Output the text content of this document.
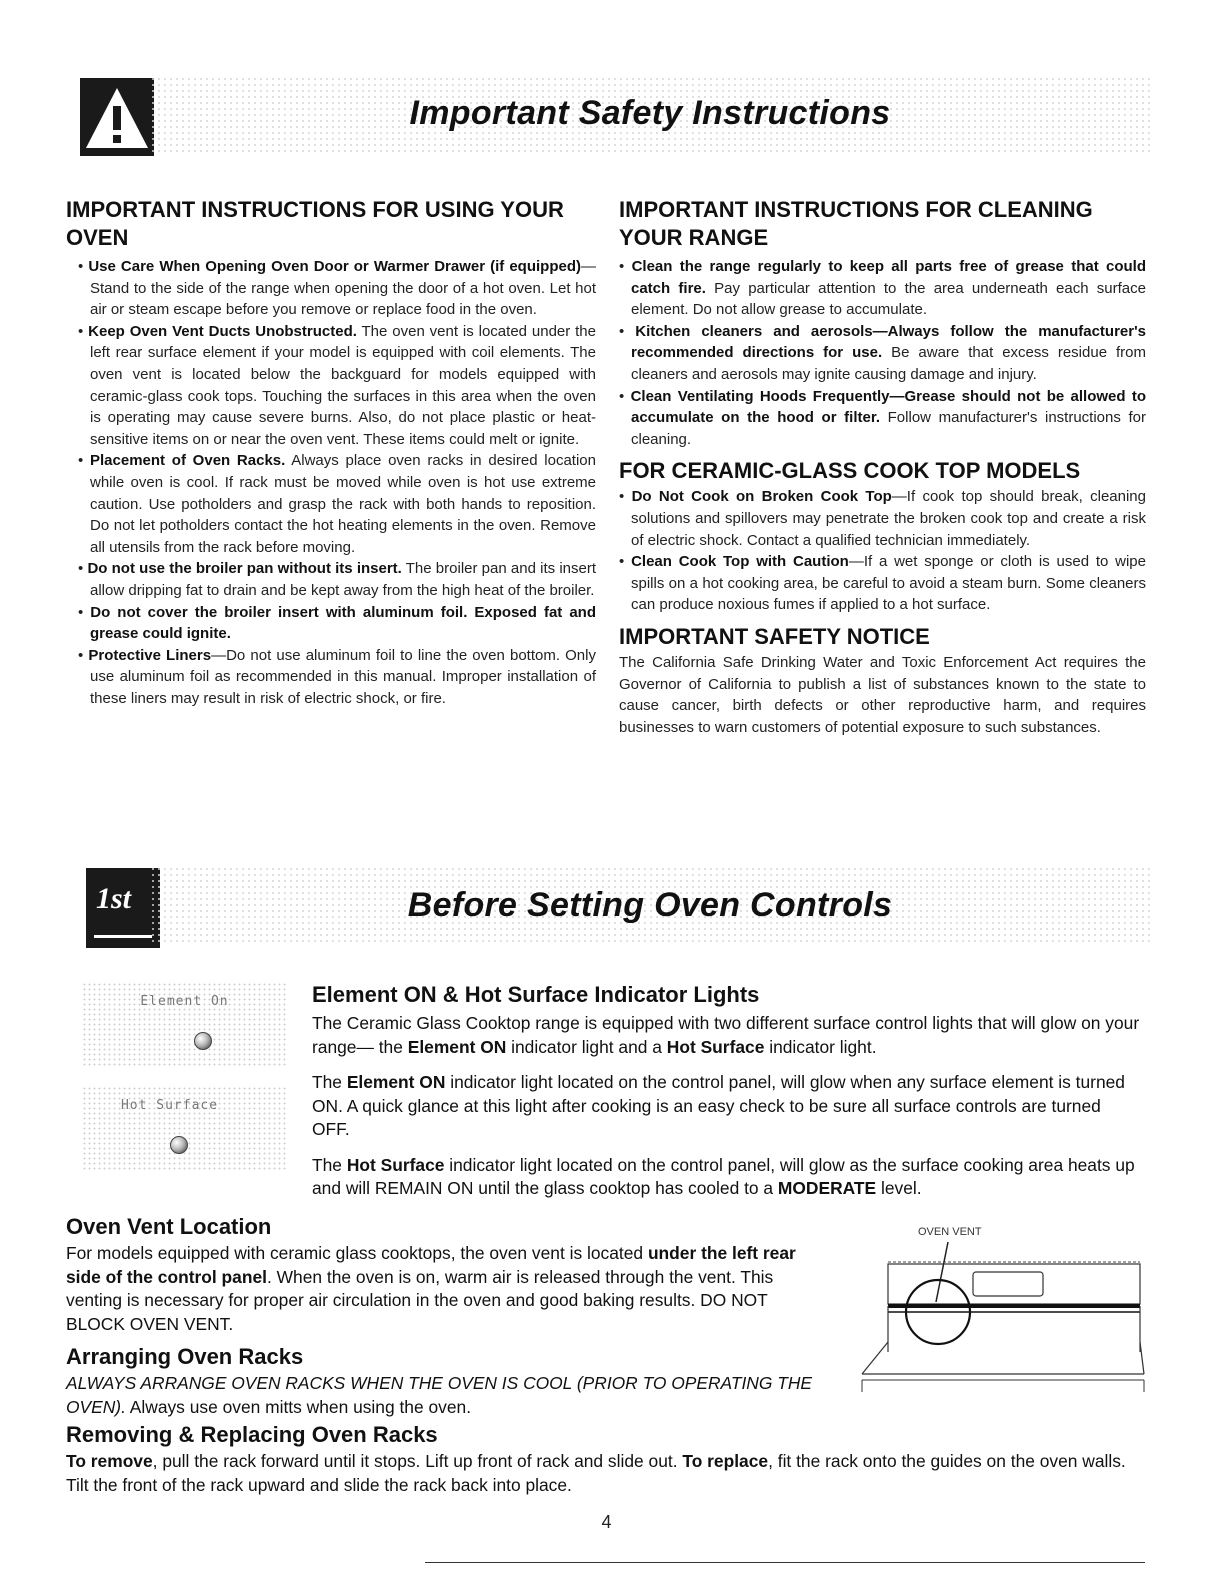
Important Safety Instructions
IMPORTANT INSTRUCTIONS FOR USING YOUR OVEN

• Use Care When Opening Oven Door or Warmer Drawer (if equipped)—Stand to the side of the range when opening the door of a hot oven. Let hot air or steam escape before you remove or replace food in the oven.

• Keep Oven Vent Ducts Unobstructed. The oven vent is located under the left rear surface element if your model is equipped with coil elements. The oven vent is located below the backguard for models equipped with ceramic-glass cook tops. Touching the surfaces in this area when the oven is operating may cause severe burns. Also, do not place plastic or heat-sensitive items on or near the oven vent. These items could melt or ignite.

• Placement of Oven Racks. Always place oven racks in desired location while oven is cool. If rack must be moved while oven is hot use extreme caution. Use potholders and grasp the rack with both hands to reposition. Do not let potholders contact the hot heating elements in the oven. Remove all utensils from the rack before moving.

• Do not use the broiler pan without its insert. The broiler pan and its insert allow dripping fat to drain and be kept away from the high heat of the broiler.

• Do not cover the broiler insert with aluminum foil. Exposed fat and grease could ignite.

• Protective Liners—Do not use aluminum foil to line the oven bottom. Only use aluminum foil as recommended in this manual. Improper installation of these liners may result in risk of electric shock, or fire.

IMPORTANT INSTRUCTIONS FOR CLEANING YOUR RANGE

• Clean the range regularly to keep all parts free of grease that could catch fire. Pay particular attention to the area underneath each surface element. Do not allow grease to accumulate.

• Kitchen cleaners and aerosols—Always follow the manufacturer's recommended directions for use. Be aware that excess residue from cleaners and aerosols may ignite causing damage and injury.

• Clean Ventilating Hoods Frequently—Grease should not be allowed to accumulate on the hood or filter. Follow manufacturer's instructions for cleaning.

FOR CERAMIC-GLASS COOK TOP MODELS

• Do Not Cook on Broken Cook Top—If cook top should break, cleaning solutions and spillovers may penetrate the broken cook top and create a risk of electric shock. Contact a qualified technician immediately.

• Clean Cook Top with Caution—If a wet sponge or cloth is used to wipe spills on a hot cooking area, be careful to avoid a steam burn. Some cleaners can produce noxious fumes if applied to a hot surface.

IMPORTANT SAFETY NOTICE

The California Safe Drinking Water and Toxic Enforcement Act requires the Governor of California to publish a list of substances known to the state to cause cancer, birth defects or other reproductive harm, and requires businesses to warn customers of potential exposure to such substances.

1st	Before Setting Oven Controls
Element On
Hot Surface
Element ON & Hot Surface Indicator Lights

The Ceramic Glass Cooktop range is equipped with two different surface control lights that will glow on your range— the Element ON indicator light and a Hot Surface indicator light.

The Element ON indicator light located on the control panel, will glow when any surface element is turned ON. A quick glance at this light after cooking is an easy check to be sure all surface controls are turned OFF.

The Hot Surface indicator light located on the control panel, will glow as the surface cooking area heats up and will REMAIN ON until the glass cooktop has cooled to a MODERATE level.

Oven Vent Location

For models equipped with ceramic glass cooktops, the oven vent is located under the left rear side of the control panel. When the oven is on, warm air is released through the vent. This venting is necessary for proper air circulation in the oven and good baking results. DO NOT BLOCK OVEN VENT.

OVEN VENT
Arranging Oven Racks

ALWAYS ARRANGE OVEN RACKS WHEN THE OVEN IS COOL (PRIOR TO OPERATING THE OVEN). Always use oven mitts when using the oven.

Removing & Replacing Oven Racks

To remove, pull the rack forward until it stops. Lift up front of rack and slide out. To replace, fit the rack onto the guides on the oven walls. Tilt the front of the rack upward and slide the rack back into place.

4
